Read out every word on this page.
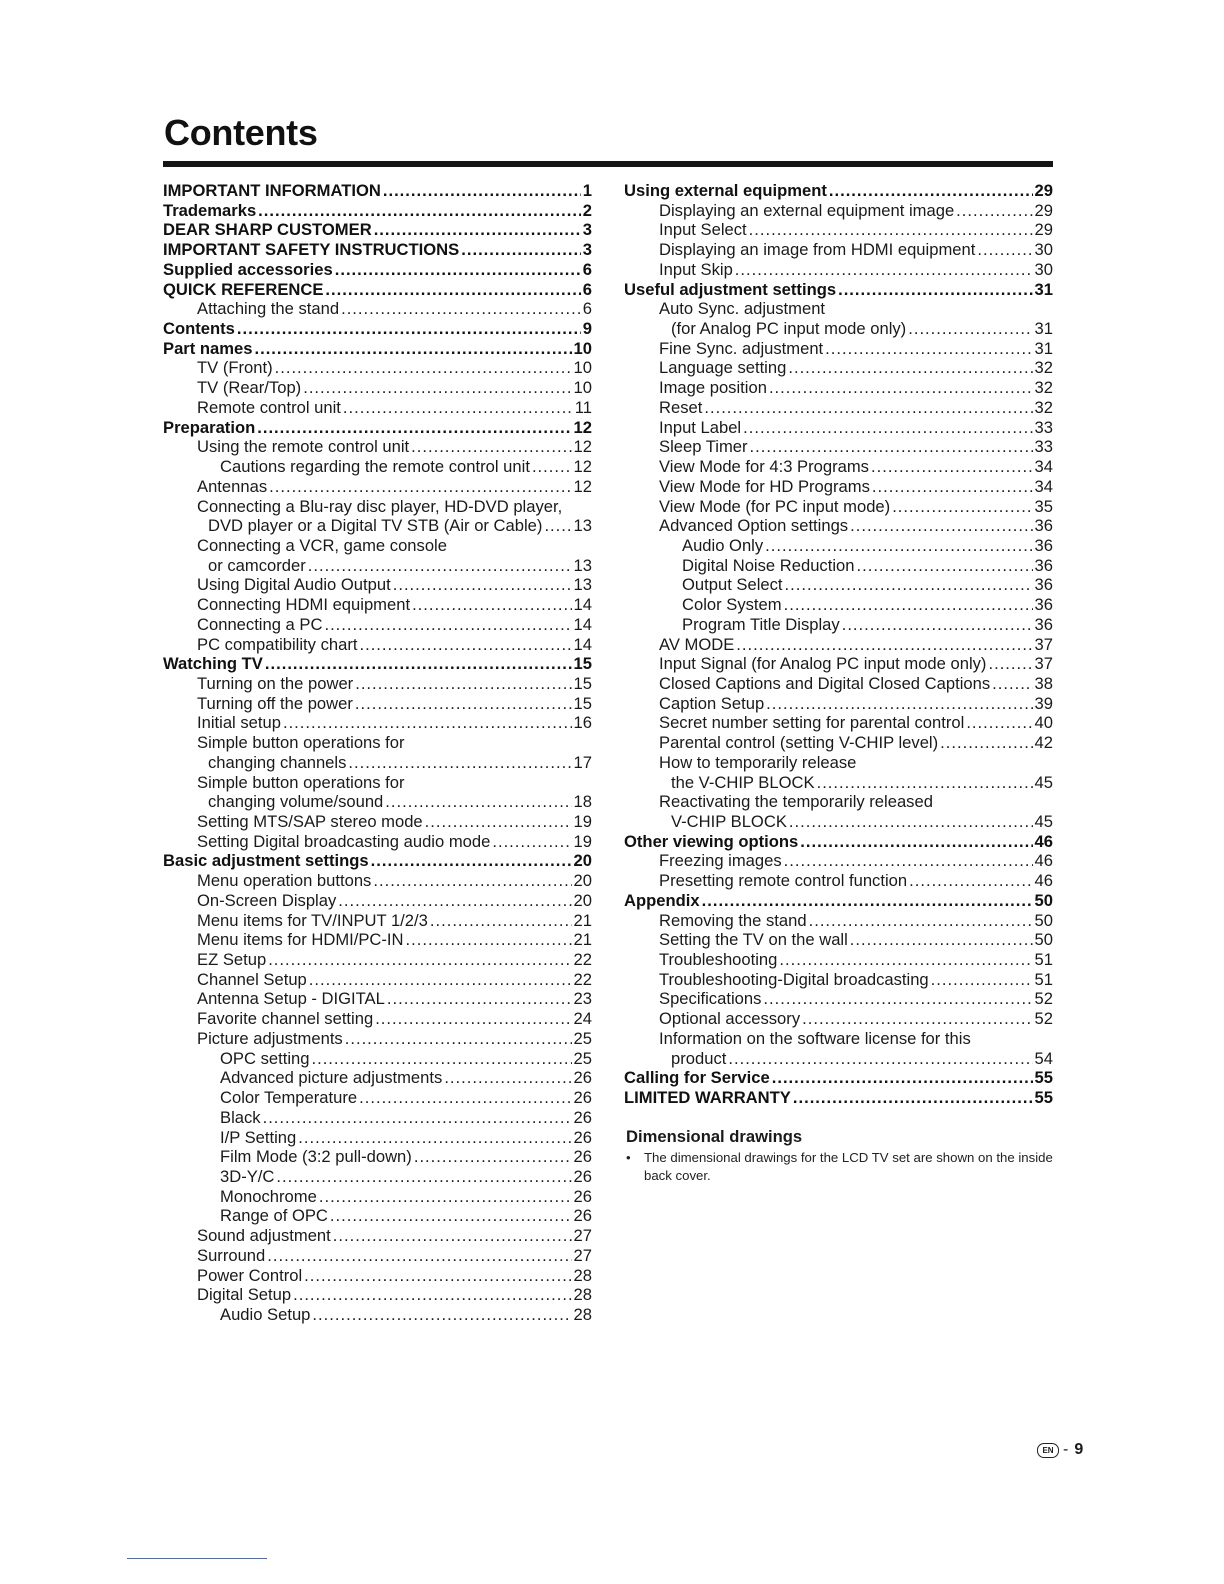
Contents
IMPORTANT INFORMATION .....	1
Trademarks .....	2
DEAR SHARP CUSTOMER .....	3
IMPORTANT SAFETY INSTRUCTIONS .....	3
Supplied accessories .....	6
QUICK REFERENCE .....	6
Attaching the stand .....	6
Contents .....	9
Part names .....	10
TV (Front) .....	10
TV (Rear/Top) .....	10
Remote control unit .....	11
Preparation .....	12
Using the remote control unit .....	12
Cautions regarding the remote control unit .....	12
Antennas .....	12
Connecting a Blu-ray disc player, HD-DVD player,
DVD player or a Digital TV STB (Air or Cable) ..... 13
Connecting a VCR, game console
or camcorder .....	13
Using Digital Audio Output .....	13
Connecting HDMI equipment .....	14
Connecting a PC .....	14
PC compatibility chart .....	14
Watching TV .....	15
Turning on the power .....	15
Turning off the power .....	15
Initial setup .....	16
Simple button operations for
changing channels .....	17
Simple button operations for
changing volume/sound .....	18
Setting MTS/SAP stereo mode .....	19
Setting Digital broadcasting audio mode .....	19
Basic adjustment settings .....	20
Menu operation buttons .....	20
On-Screen Display .....	20
Menu items for TV/INPUT 1/2/3 .....	21
Menu items for HDMI/PC-IN .....	21
EZ Setup .....	22
Channel Setup .....	22
Antenna Setup - DIGITAL .....	23
Favorite channel setting .....	24
Picture adjustments .....	25
OPC setting .....	25
Advanced picture adjustments .....	26
Color Temperature .....	26
Black .....	26
I/P Setting .....	26
Film Mode (3:2 pull-down) .....	26
3D-Y/C .....	26
Monochrome .....	26
Range of OPC .....	26
Sound adjustment .....	27
Surround .....	27
Power Control .....	28
Digital Setup .....	28
Audio Setup .....	28
Using external equipment .....	29
Displaying an external equipment image .....	29
Input Select .....	29
Displaying an image from HDMI equipment .....	30
Input Skip .....	30
Useful adjustment settings .....	31
Auto Sync. adjustment
(for Analog PC input mode only) .....	31
Fine Sync. adjustment .....	31
Language setting .....	32
Image position .....	32
Reset .....	32
Input Label .....	33
Sleep Timer .....	33
View Mode for 4:3 Programs .....	34
View Mode for HD Programs .....	34
View Mode (for PC input mode) .....	35
Advanced Option settings .....	36
Audio Only .....	36
Digital Noise Reduction .....	36
Output Select .....	36
Color System .....	36
Program Title Display .....	36
AV MODE .....	37
Input Signal (for Analog PC input mode only) .....	37
Closed Captions and Digital Closed Captions .....	38
Caption Setup .....	39
Secret number setting for parental control .....	40
Parental control (setting V-CHIP level) .....	42
How to temporarily release
the V-CHIP BLOCK .....	45
Reactivating the temporarily released
V-CHIP BLOCK .....	45
Other viewing options .....	46
Freezing images .....	46
Presetting remote control function .....	46
Appendix .....	50
Removing the stand .....	50
Setting the TV on the wall .....	50
Troubleshooting .....	51
Troubleshooting-Digital broadcasting .....	51
Specifications .....	52
Optional accessory .....	52
Information on the software license for this
product .....	54
Calling for Service .....	55
LIMITED WARRANTY .....	55
Dimensional drawings
•	The dimensional drawings for the LCD TV set are shown on the inside back cover.
EN - 9
